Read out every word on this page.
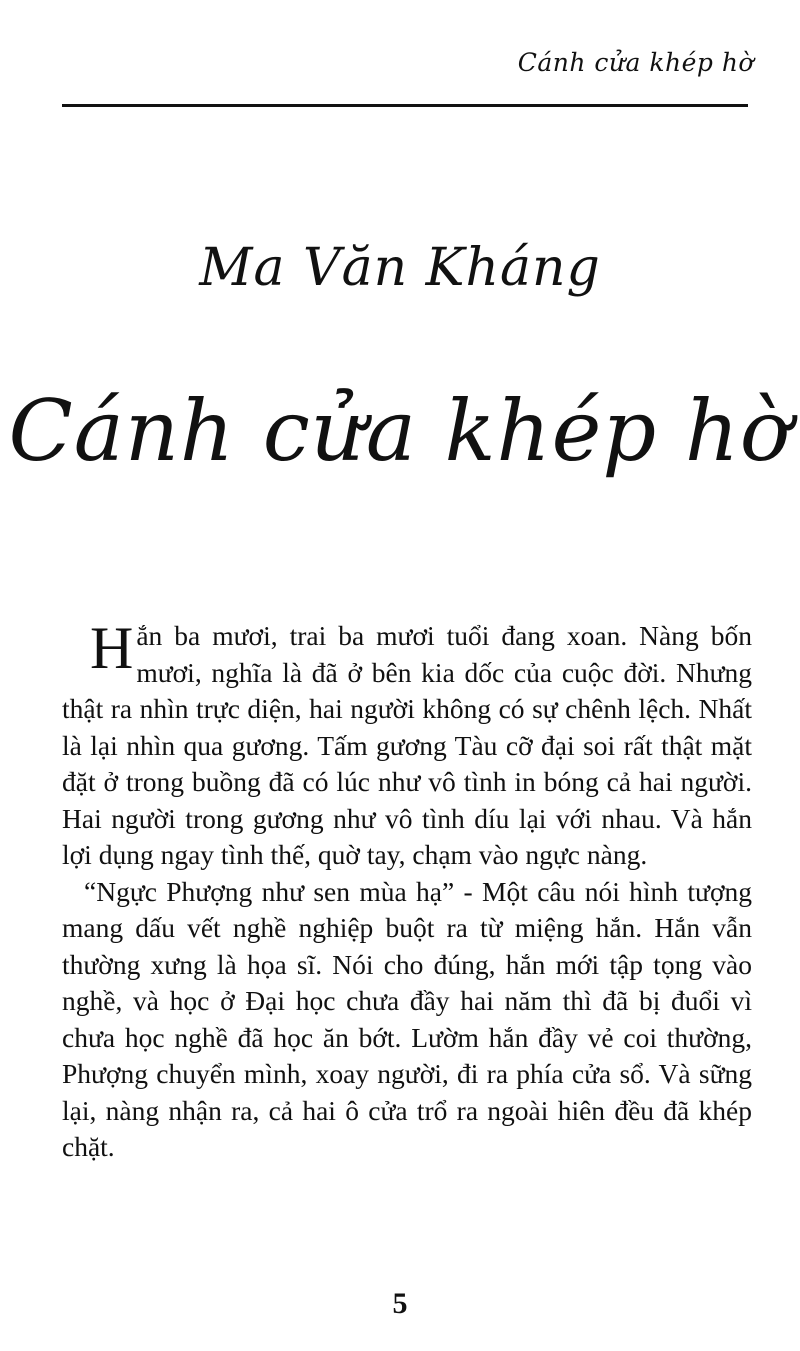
Cánh cửa khép hờ
Ma Văn Kháng
Cánh cửa khép hờ

Hắn ba mươi, trai ba mươi tuổi đang xoan. Nàng bốn mươi, nghĩa là đã ở bên kia dốc của cuộc đời. Nhưng thật ra nhìn trực diện, hai người không có sự chênh lệch. Nhất là lại nhìn qua gương. Tấm gương Tàu cỡ đại soi rất thật mặt đặt ở trong buồng đã có lúc như vô tình in bóng cả hai người. Hai người trong gương như vô tình díu lại với nhau. Và hắn lợi dụng ngay tình thế, quờ tay, chạm vào ngực nàng.

“Ngực Phượng như sen mùa hạ” - Một câu nói hình tượng mang dấu vết nghề nghiệp buột ra từ miệng hắn. Hắn vẫn thường xưng là họa sĩ. Nói cho đúng, hắn mới tập tọng vào nghề, và học ở Đại học chưa đầy hai năm thì đã bị đuổi vì chưa học nghề đã học ăn bớt. Lườm hắn đầy vẻ coi thường, Phượng chuyển mình, xoay người, đi ra phía cửa sổ. Và sững lại, nàng nhận ra, cả hai ô cửa trổ ra ngoài hiên đều đã khép chặt.

5
